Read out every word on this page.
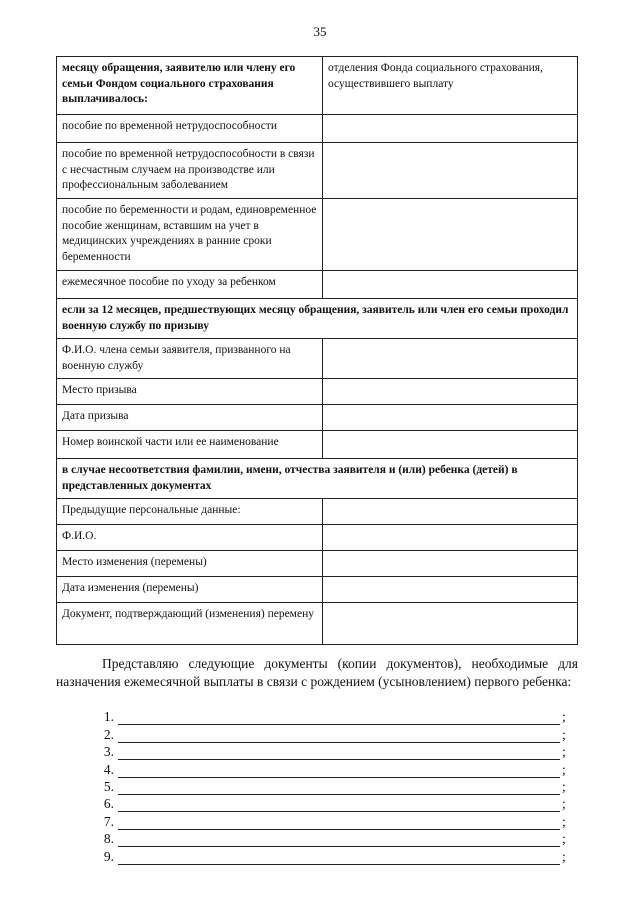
35
месяцу обращения, заявителю или члену его семьи Фондом социального страхования выплачивалось:	отделения Фонда социального страхования, осуществившего выплату
пособие по временной нетрудоспособности	
пособие по временной нетрудоспособности в связи с несчастным случаем на производстве или профессиональным заболеванием	
пособие по беременности и родам, единовременное пособие женщинам, вставшим на учет в медицинских учреждениях в ранние сроки беременности	
ежемесячное пособие по уходу за ребенком	
если за 12 месяцев, предшествующих месяцу обращения, заявитель или член его семьи проходил военную службу по призыву	
Ф.И.О. члена семьи заявителя, призванного на военную службу	
Место призыва	
Дата призыва	
Номер воинской части или ее наименование	
в случае несоответствия фамилии, имени, отчества заявителя и (или) ребенка (детей) в представленных документах	
Предыдущие персональные данные:	
Ф.И.О.	
Место изменения (перемены)	
Дата изменения (перемены)	
Документ, подтверждающий (изменения) перемену	

Представляю следующие документы (копии документов), необходимые для назначения ежемесячной выплаты в связи с рождением (усыновлением) первого ребенка:

1.	;
2.	;
3.	;
4.	;
5.	;
6.	;
7.	;
8.	;
9.	;
